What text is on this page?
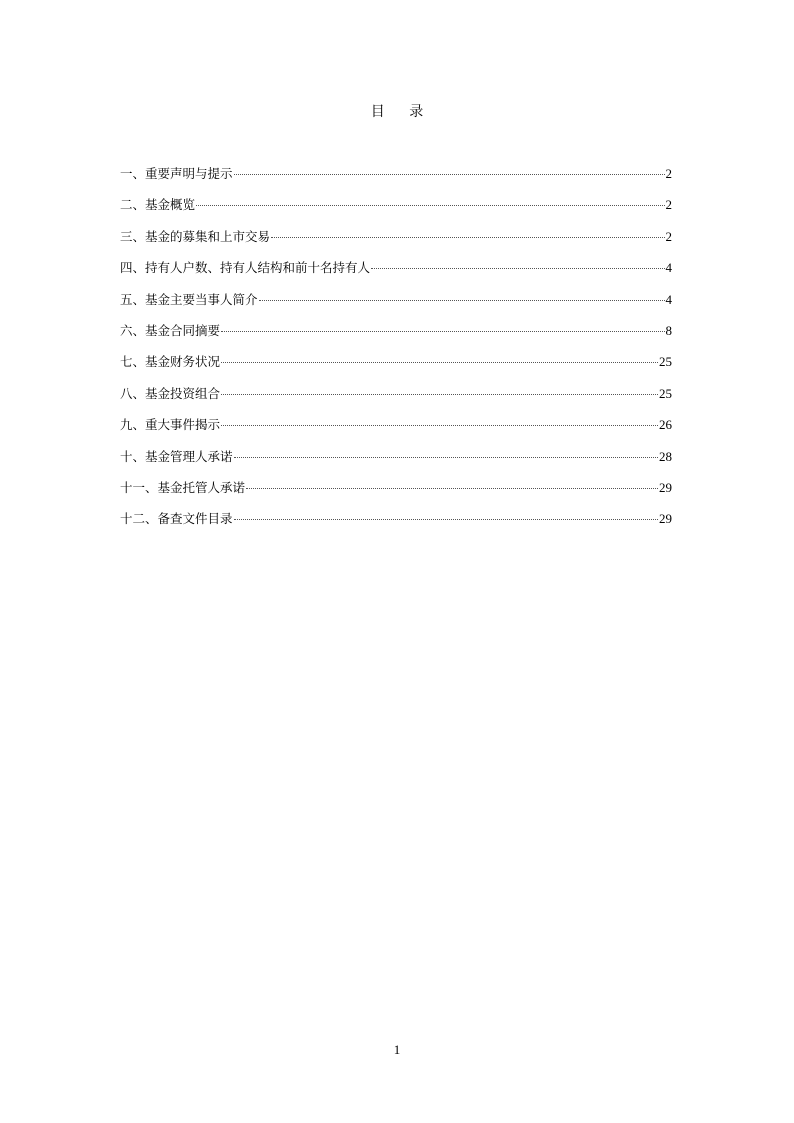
目 录
一、重要声明与提示	2
二、基金概览	2
三、基金的募集和上市交易	2
四、持有人户数、持有人结构和前十名持有人	4
五、基金主要当事人简介	4
六、基金合同摘要	8
七、基金财务状况	25
八、基金投资组合	25
九、重大事件揭示	26
十、基金管理人承诺	28
十一、基金托管人承诺	29
十二、备查文件目录	29
1
